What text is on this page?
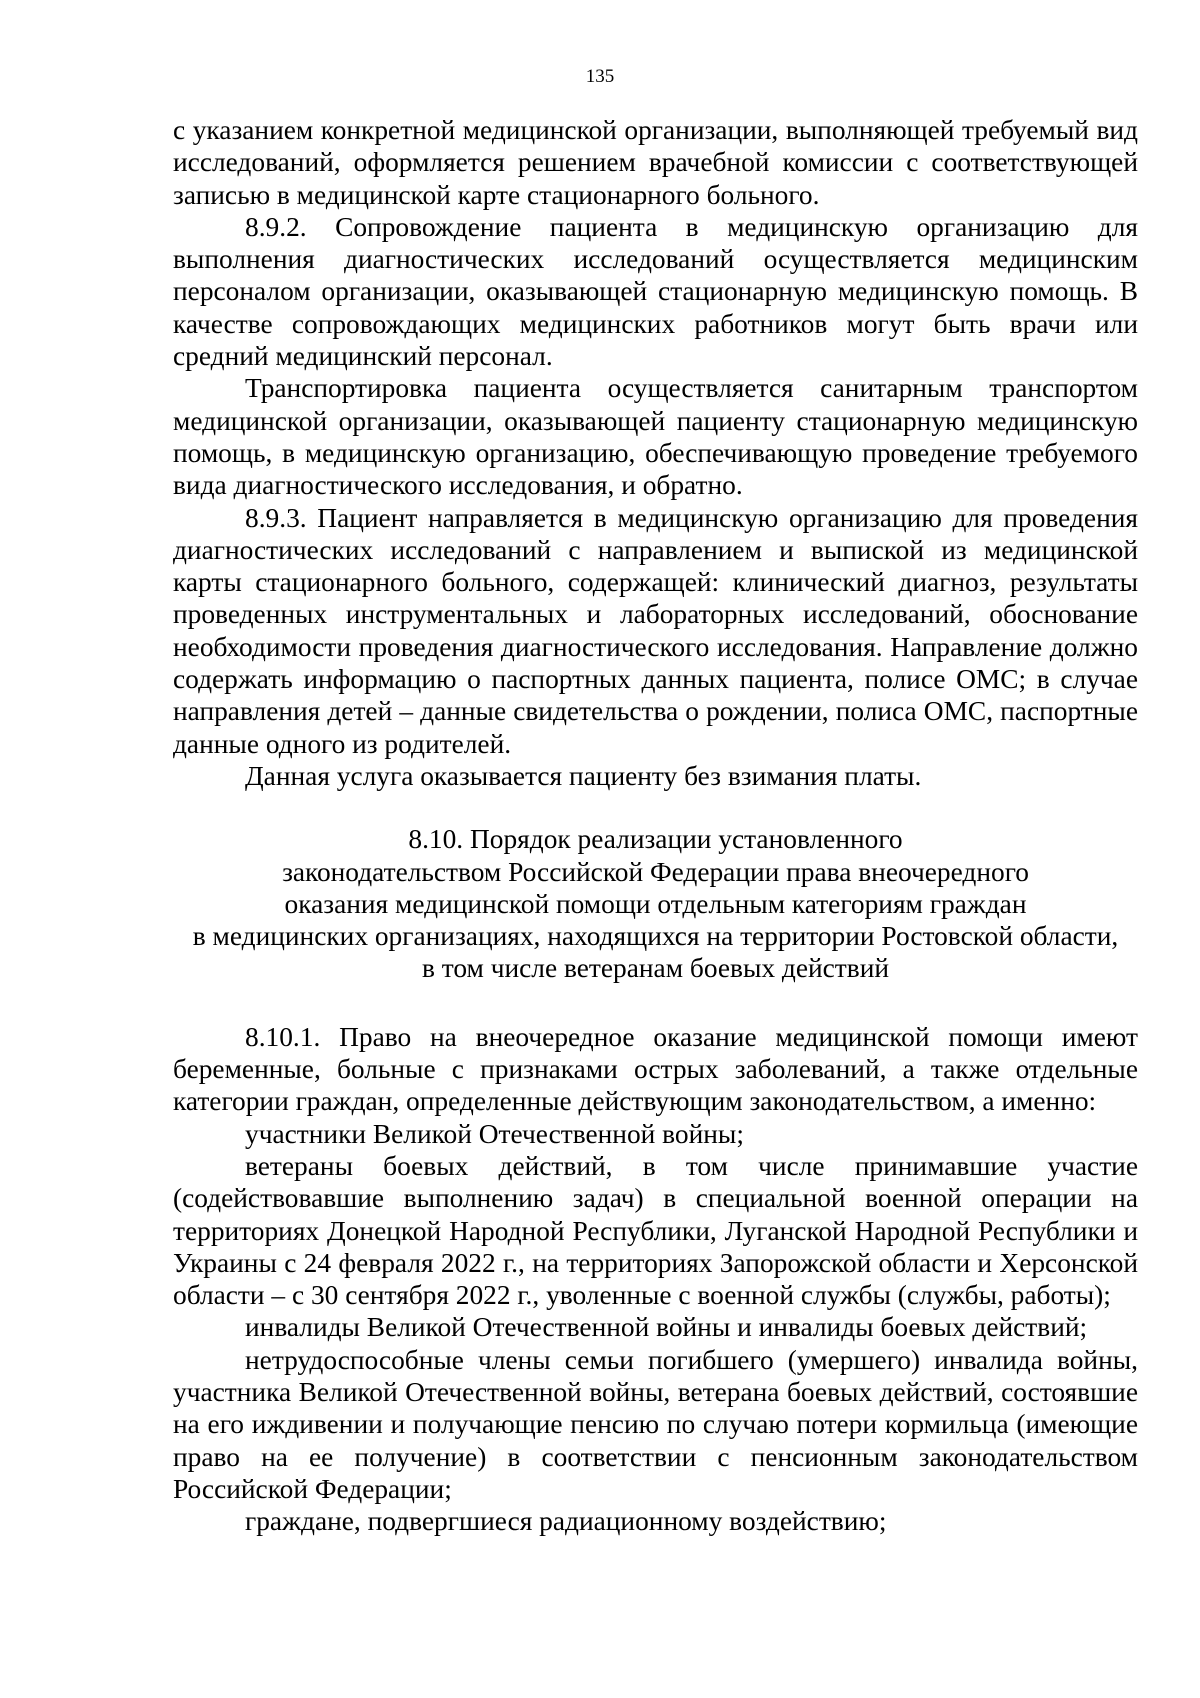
135

с указанием конкретной медицинской организации, выполняющей требуемый вид исследований, оформляется решением врачебной комиссии с соответствующей записью в медицинской карте стационарного больного.

8.9.2. Сопровождение пациента в медицинскую организацию для выполнения диагностических исследований осуществляется медицинским персоналом организации, оказывающей стационарную медицинскую помощь. В качестве сопровождающих медицинских работников могут быть врачи или средний медицинский персонал.

Транспортировка пациента осуществляется санитарным транспортом медицинской организации, оказывающей пациенту стационарную медицинскую помощь, в медицинскую организацию, обеспечивающую проведение требуемого вида диагностического исследования, и обратно.

8.9.3. Пациент направляется в медицинскую организацию для проведения диагностических исследований с направлением и выпиской из медицинской карты стационарного больного, содержащей: клинический диагноз, результаты проведенных инструментальных и лабораторных исследований, обоснование необходимости проведения диагностического исследования. Направление должно содержать информацию о паспортных данных пациента, полисе ОМС; в случае направления детей – данные свидетельства о рождении, полиса ОМС, паспортные данные одного из родителей.

Данная услуга оказывается пациенту без взимания платы.

8.10. Порядок реализации установленного
законодательством Российской Федерации права внеочередного
оказания медицинской помощи отдельным категориям граждан
в медицинских организациях, находящихся на территории Ростовской области,
в том числе ветеранам боевых действий

8.10.1. Право на внеочередное оказание медицинской помощи имеют беременные, больные с признаками острых заболеваний, а также отдельные категории граждан, определенные действующим законодательством, а именно:

участники Великой Отечественной войны;

ветераны боевых действий, в том числе принимавшие участие (содействовавшие выполнению задач) в специальной военной операции на территориях Донецкой Народной Республики, Луганской Народной Республики и Украины с 24 февраля 2022 г., на территориях Запорожской области и Херсонской области – с 30 сентября 2022 г., уволенные с военной службы (службы, работы);

инвалиды Великой Отечественной войны и инвалиды боевых действий;

нетрудоспособные члены семьи погибшего (умершего) инвалида войны, участника Великой Отечественной войны, ветерана боевых действий, состоявшие на его иждивении и получающие пенсию по случаю потери кормильца (имеющие право на ее получение) в соответствии с пенсионным законодательством Российской Федерации;

граждане, подвергшиеся радиационному воздействию;
